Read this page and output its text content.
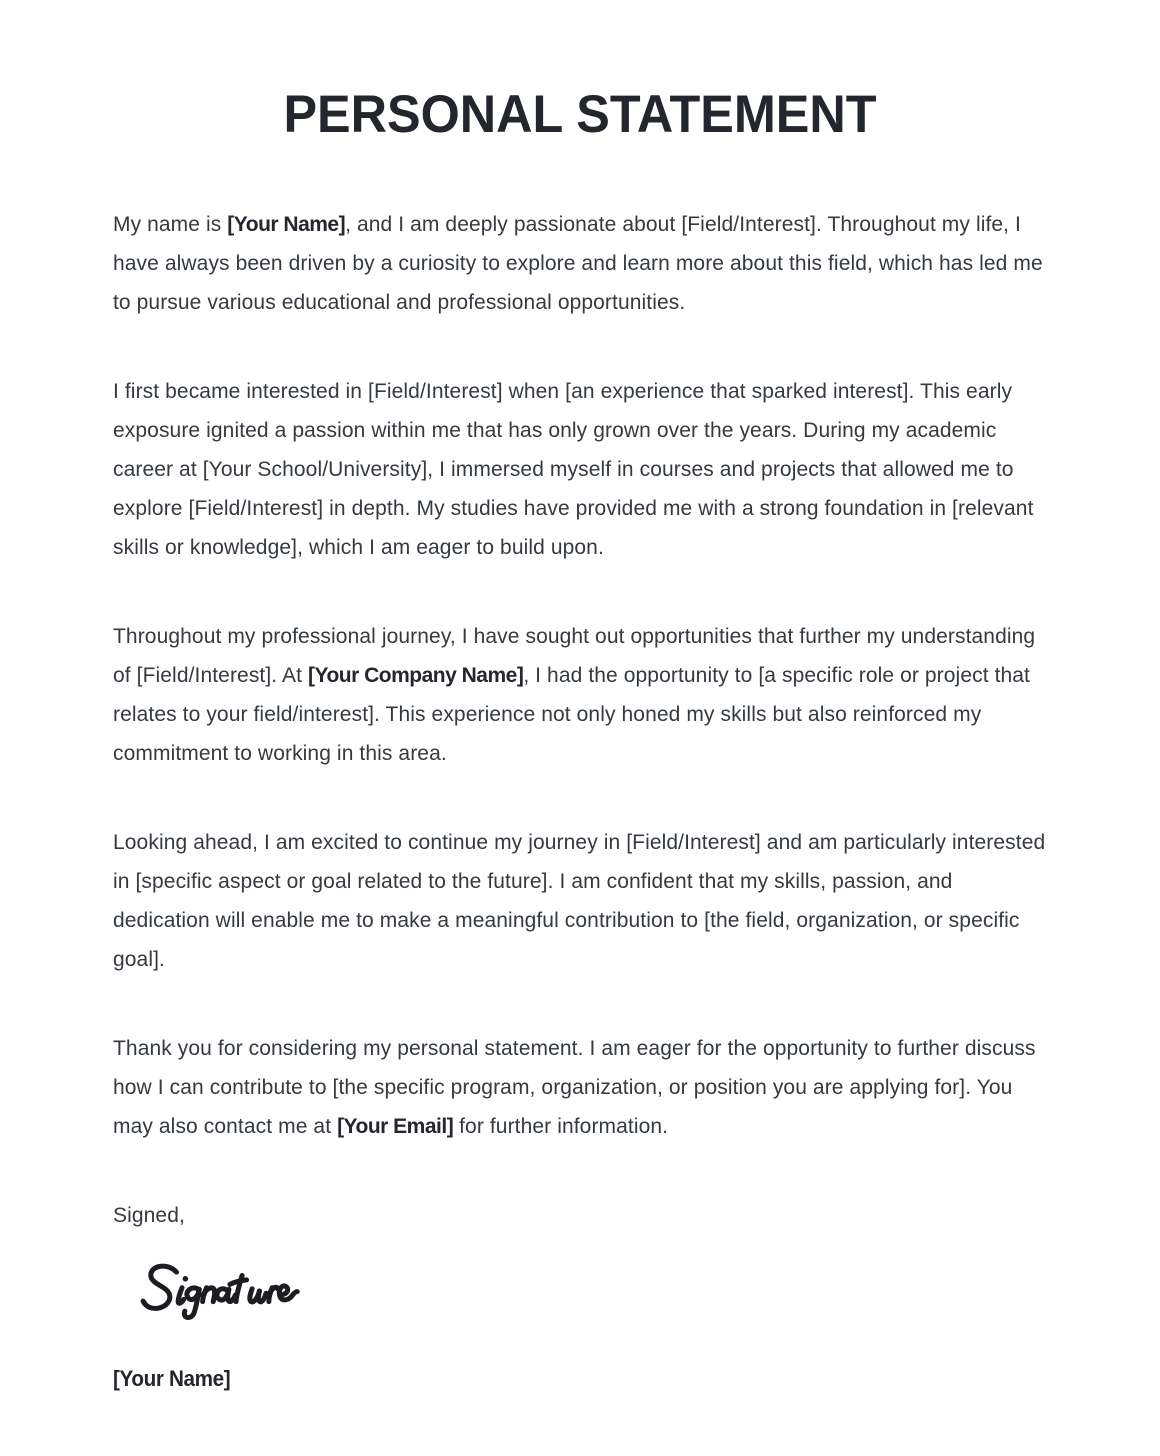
PERSONAL STATEMENT

My name is [Your Name], and I am deeply passionate about [Field/Interest]. Throughout my life, I have always been driven by a curiosity to explore and learn more about this field, which has led me to pursue various educational and professional opportunities.

I first became interested in [Field/Interest] when [an experience that sparked interest]. This early exposure ignited a passion within me that has only grown over the years. During my academic career at [Your School/University], I immersed myself in courses and projects that allowed me to explore [Field/Interest] in depth. My studies have provided me with a strong foundation in [relevant skills or knowledge], which I am eager to build upon.

Throughout my professional journey, I have sought out opportunities that further my understanding of [Field/Interest]. At [Your Company Name], I had the opportunity to [a specific role or project that relates to your field/interest]. This experience not only honed my skills but also reinforced my commitment to working in this area.

Looking ahead, I am excited to continue my journey in [Field/Interest] and am particularly interested in [specific aspect or goal related to the future]. I am confident that my skills, passion, and dedication will enable me to make a meaningful contribution to [the field, organization, or specific goal].

Thank you for considering my personal statement. I am eager for the opportunity to further discuss how I can contribute to [the specific program, organization, or position you are applying for]. You may also contact me at [Your Email] for further information.

Signed,

[Your Name]
